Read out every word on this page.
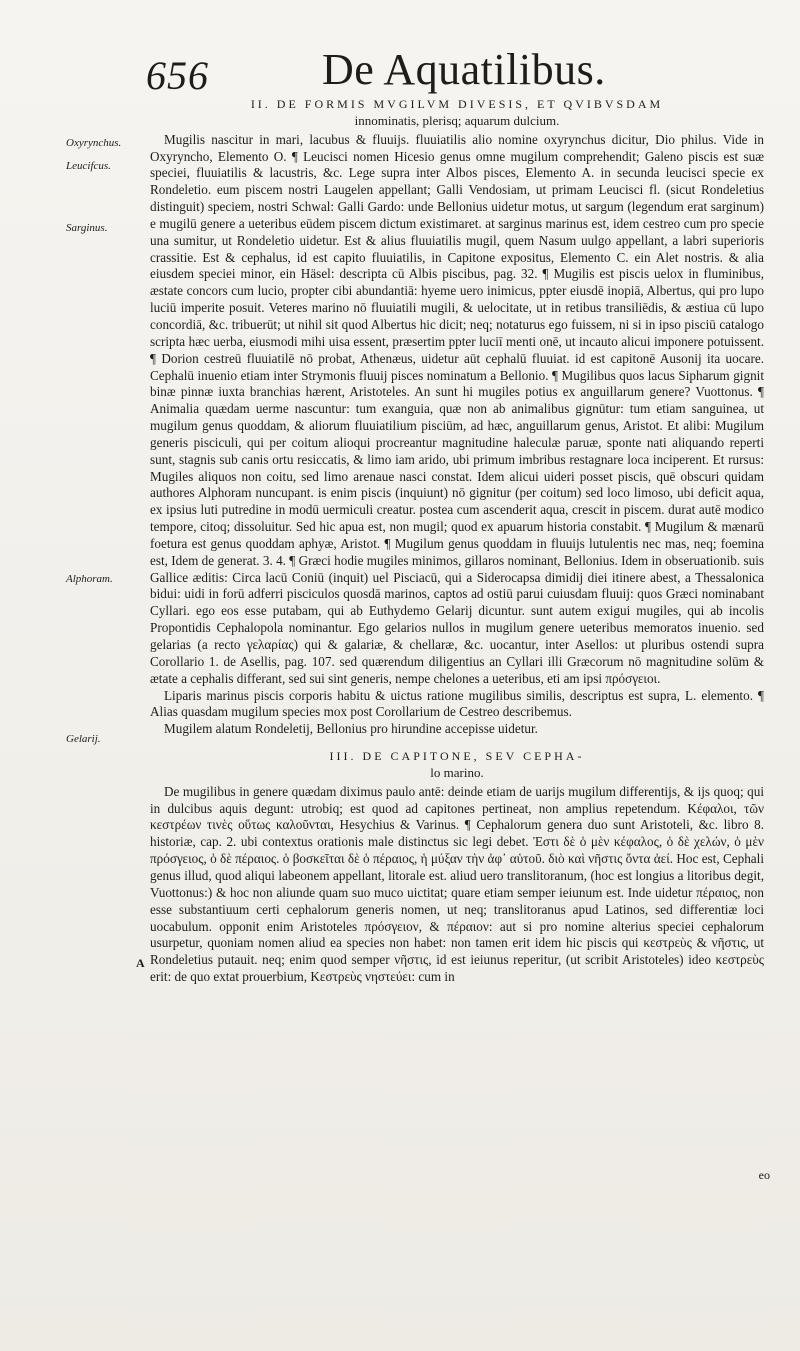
656	De Aquatilibus.
Oxyrynchus.
Leucifcus.
Sarginus.
Alphoram.
Gelarij.
A

II. DE FORMIS MVGILVM DIVESIS, ET QVIBVSDAM

innominatis, plerisq; aquarum dulcium.

Mugilis nascitur in mari, lacubus & fluuijs. fluuiatilis alio nomine oxyrynchus dicitur, Dio philus. Vide in Oxyryncho, Elemento O. ¶ Leucisci nomen Hicesio genus omne mugilum comprehendit; Galeno piscis est suæ speciei, fluuiatilis & lacustris, &c. Lege supra inter Albos pisces, Elemento A. in secunda leucisci specie ex Rondeletio. eum piscem nostri Laugelen appellant; Galli Vendosiam, ut primam Leucisci fl. (sicut Rondeletius distinguit) speciem, nostri Schwal: Galli Gardo: unde Bellonius uidetur motus, ut sargum (legendum erat sarginum) e mugilū genere a ueteribus eūdem piscem dictum existimaret. at sarginus marinus est, idem cestreo cum pro specie una sumitur, ut Rondeletio uidetur. Est & alius fluuiatilis mugil, quem Nasum uulgo appellant, a labri superioris crassitie. Est & cephalus, id est capito fluuiatilis, in Capitone expositus, Elemento C. ein Alet nostris. & alia eiusdem speciei minor, ein Häsel: descripta cū Albis piscibus, pag. 32. ¶ Mugilis est piscis uelox in fluminibus, æstate concors cum lucio, propter cibi abundantiā: hyeme uero inimicus, ppter eiusdē inopiā, Albertus, qui pro lupo luciū imperite posuit. Veteres marino nō fluuiatili mugili, & uelocitate, ut in retibus transiliēdis, & æstiua cū lupo concordiā, &c. tribuerūt; ut nihil sit quod Albertus hic dicit; neq; notaturus ego fuissem, ni si in ipso pisciū catalogo scripta hæc uerba, eiusmodi mihi uisa essent, præsertim ppter luciī menti onē, ut incauto alicui imponere potuissent. ¶ Dorion cestreū fluuiatilē nō probat, Athenæus, uidetur aūt cephalū fluuiat. id est capitonē Ausonij ita uocare. Cephalū inuenio etiam inter Strymonis fluuij pisces nominatum a Bellonio. ¶ Mugilibus quos lacus Sipharum gignit binæ pinnæ iuxta branchias hærent, Aristoteles. An sunt hi mugiles potius ex anguillarum genere? Vuottonus. ¶ Animalia quædam uerme nascuntur: tum exanguia, quæ non ab animalibus gignūtur: tum etiam sanguinea, ut mugilum genus quoddam, & aliorum fluuiatilium pisciūm, ad hæc, anguillarum genus, Aristot. Et alibi: Mugilum generis pisciculi, qui per coitum alioqui procreantur magnitudine haleculæ paruæ, sponte nati aliquando reperti sunt, stagnis sub canis ortu resiccatis, & limo iam arido, ubi primum imbribus restagnare loca inciperent. Et rursus: Mugiles aliquos non coitu, sed limo arenaue nasci constat. Idem alicui uideri posset piscis, quē obscuri quidam authores Alphoram nuncupant. is enim piscis (inquiunt) nō gignitur (per coitum) sed loco limoso, ubi deficit aqua, ex ipsius luti putredine in modū uermiculi creatur. postea cum ascenderit aqua, crescit in piscem. durat autē modico tempore, citoq; dissoluitur. Sed hic apua est, non mugil; quod ex apuarum historia constabit. ¶ Mugilum & mænarū foetura est genus quoddam aphyæ, Aristot. ¶ Mugilum genus quoddam in fluuijs lutulentis nec mas, neq; foemina est, Idem de generat. 3. 4. ¶ Græci hodie mugiles minimos, gillaros nominant, Bellonius. Idem in obseruationib. suis Gallice æditis: Circa lacū Coniū (inquit) uel Pisciacū, qui a Siderocapsa dimidij diei itinere abest, a Thessalonica bidui: uidi in forū adferri pisciculos quosdā marinos, captos ad ostiū parui cuiusdam fluuij: quos Græci nominabant Cyllari. ego eos esse putabam, qui ab Euthydemo Gelarij dicuntur. sunt autem exigui mugiles, qui ab incolis Propontidis Cephalopola nominantur. Ego gelarios nullos in mugilum genere ueteribus memoratos inuenio. sed gelarias (a recto γελαρίας) qui & galariæ, & chellaræ, &c. uocantur, inter Asellos: ut pluribus ostendi supra Corollario 1. de Asellis, pag. 107. sed quærendum diligentius an Cyllari illi Græcorum nō magnitudine solūm & ætate a cephalis differant, sed sui sint generis, nempe chelones a ueteribus, eti am ipsi πρόσγειοι.

Liparis marinus piscis corporis habitu & uictus ratione mugilibus similis, descriptus est supra, L. elemento. ¶ Alias quasdam mugilum species mox post Corollarium de Cestreo describemus.

Mugilem alatum Rondeletij, Bellonius pro hirundine accepisse uidetur.

III. DE CAPITONE, SEV CEPHA-

lo marino.

De mugilibus in genere quædam diximus paulo antē: deinde etiam de uarijs mugilum differentijs, & ijs quoq; qui in dulcibus aquis degunt: utrobiq; est quod ad capitones pertineat, non amplius repetendum. Κέφαλοι, τῶν κεστρέων τινὲς οὕτως καλοῦνται, Hesychius & Varinus. ¶ Cephalorum genera duo sunt Aristoteli, &c. libro 8. historiæ, cap. 2. ubi contextus orationis male distinctus sic legi debet. Ἐστι δὲ ὁ μὲν κέφαλος, ὁ δὲ χελών, ὁ μὲν πρόσγειος, ὁ δὲ πέραιος. ὁ βοσκεῖται δὲ ὁ πέραιος, ἡ μύξαν τὴν ἀφ᾿ αὑτοῦ. διὸ καὶ νῆστις ὄντα ἀεί. Hoc est, Cephali genus illud, quod aliqui labeonem appellant, litorale est. aliud uero translitoranum, (hoc est longius a litoribus degit, Vuottonus:) & hoc non aliunde quam suo muco uictitat; quare etiam semper ieiunum est. Inde uidetur πέραιος, non esse substantiuum certi cephalorum generis nomen, ut neq; translitoranus apud Latinos, sed differentiæ loci uocabulum. opponit enim Aristoteles πρόσγειον, & πέραιον: aut si pro nomine alterius speciei cephalorum usurpetur, quoniam nomen aliud ea species non habet: non tamen erit idem hic piscis qui κεστρεὺς & νῆστις, ut Rondeletius putauit. neq; enim quod semper νῆστις, id est ieiunus reperitur, (ut scribit Aristoteles) ideo κεστρεὺς erit: de quo extat prouerbium, Κεστρεὺς νηστεύει: cum in

eo
